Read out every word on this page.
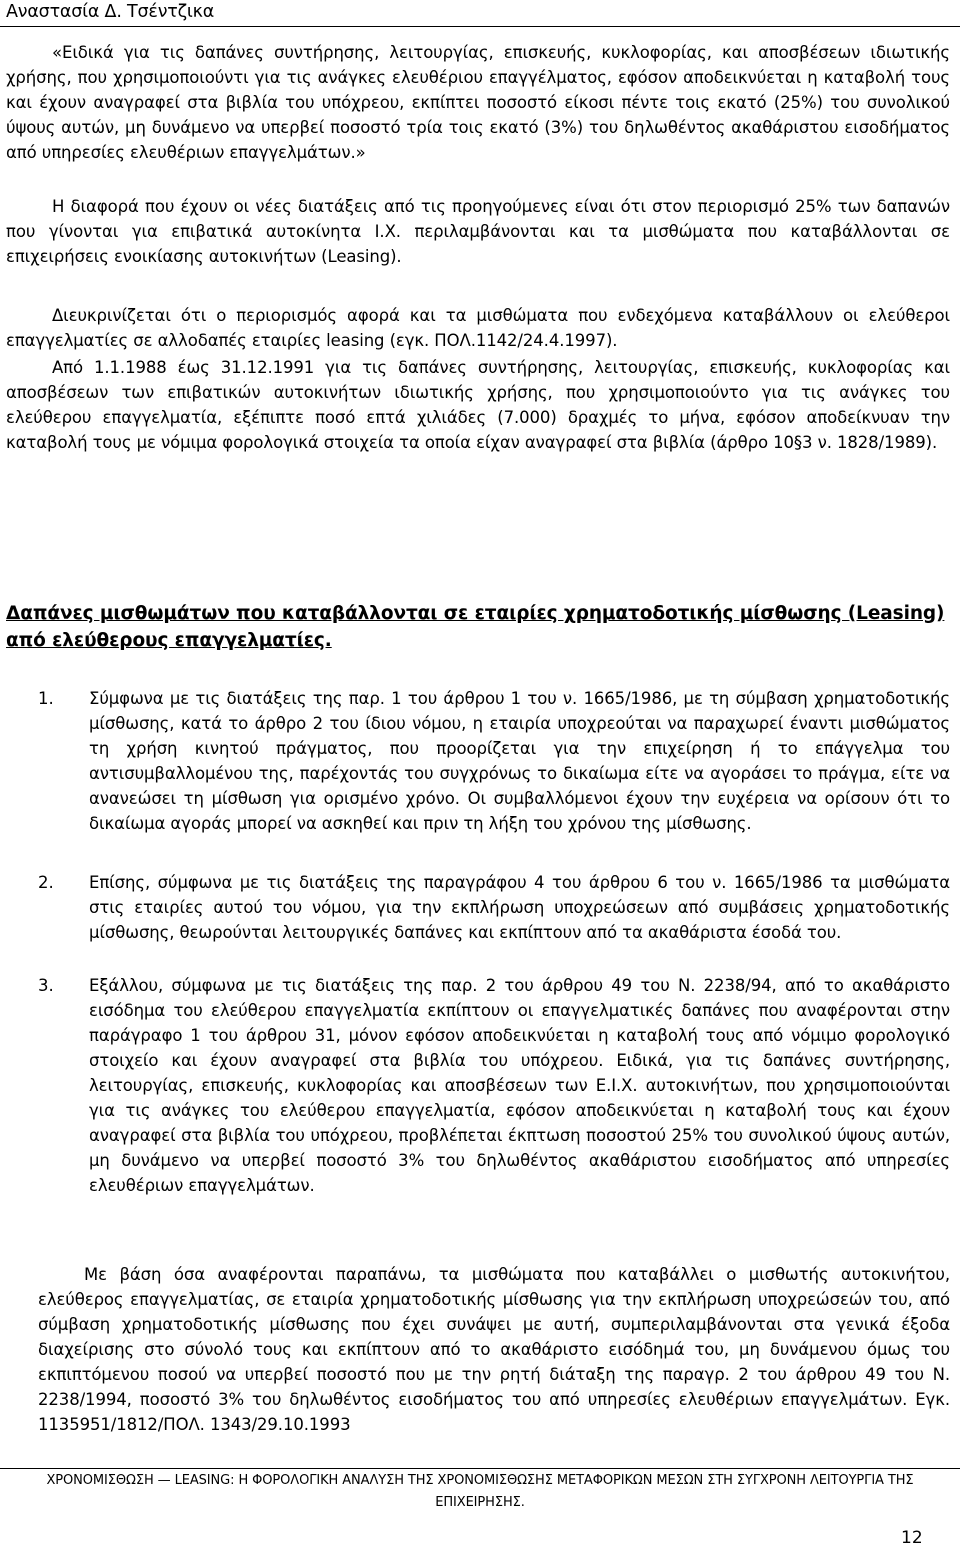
Αναστασία Δ. Τσέντζικα

«Ειδικά για τις δαπάνες συντήρησης, λειτουργίας, επισκευής, κυκλοφορίας, και αποσβέσεων ιδιωτικής χρήσης, που χρησιμοποιούντι για τις ανάγκες ελευθέριου επαγγέλματος, εφόσον αποδεικνύεται η καταβολή τους και έχουν αναγραφεί στα βιβλία του υπόχρεου, εκπίπτει ποσοστό είκοσι πέντε τοις εκατό (25%) του συνολικού ύψους αυτών, μη δυνάμενο να υπερβεί ποσοστό τρία τοις εκατό (3%) του δηλωθέντος ακαθάριστου εισοδήματος από υπηρεσίες ελευθέριων επαγγελμάτων.»

Η διαφορά που έχουν οι νέες διατάξεις από τις προηγούμενες είναι ότι στον περιορισμό 25% των δαπανών που γίνονται για επιβατικά αυτοκίνητα Ι.Χ. περιλαμβάνονται και τα μισθώματα που καταβάλλονται σε επιχειρήσεις ενοικίασης αυτοκινήτων (Leasing).

Διευκρινίζεται ότι ο περιορισμός αφορά και τα μισθώματα που ενδεχόμενα καταβάλλουν οι ελεύθεροι επαγγελματίες σε αλλοδαπές εταιρίες leasing (εγκ. ΠΟΛ.1142/24.4.1997).

Από 1.1.1988 έως 31.12.1991 για τις δαπάνες συντήρησης, λειτουργίας, επισκευής, κυκλοφορίας και αποσβέσεων των επιβατικών αυτοκινήτων ιδιωτικής χρήσης, που χρησιμοποιούντο για τις ανάγκες του ελεύθερου επαγγελματία, εξέπιπτε ποσό επτά χιλιάδες (7.000) δραχμές το μήνα, εφόσον αποδείκνυαν την καταβολή τους με νόμιμα φορολογικά στοιχεία τα οποία είχαν αναγραφεί στα βιβλία (άρθρο 10§3 ν. 1828/1989).

Δαπάνες μισθωμάτων που καταβάλλονται σε εταιρίες χρηματοδοτικής μίσθωσης (Leasing) από ελεύθερους επαγγελματίες.
1. Σύμφωνα με τις διατάξεις της παρ. 1 του άρθρου 1 του ν. 1665/1986, με τη σύμβαση χρηματοδοτικής μίσθωσης, κατά το άρθρο 2 του ίδιου νόμου, η εταιρία υποχρεούται να παραχωρεί έναντι μισθώματος τη χρήση κινητού πράγματος, που προορίζεται για την επιχείρηση ή το επάγγελμα του αντισυμβαλλομένου της, παρέχοντάς του συγχρόνως το δικαίωμα είτε να αγοράσει το πράγμα, είτε να ανανεώσει τη μίσθωση για ορισμένο χρόνο. Οι συμβαλλόμενοι έχουν την ευχέρεια να ορίσουν ότι το δικαίωμα αγοράς μπορεί να ασκηθεί και πριν τη λήξη του χρόνου της μίσθωσης.

2. Επίσης, σύμφωνα με τις διατάξεις της παραγράφου 4 του άρθρου 6 του ν. 1665/1986 τα μισθώματα στις εταιρίες αυτού του νόμου, για την εκπλήρωση υποχρεώσεων από συμβάσεις χρηματοδοτικής μίσθωσης, θεωρούνται λειτουργικές δαπάνες και εκπίπτουν από τα ακαθάριστα έσοδά του.

3. Εξάλλου, σύμφωνα με τις διατάξεις της παρ. 2 του άρθρου 49 του Ν. 2238/94, από το ακαθάριστο εισόδημα του ελεύθερου επαγγελματία εκπίπτουν οι επαγγελματικές δαπάνες που αναφέρονται στην παράγραφο 1 του άρθρου 31, μόνον εφόσον αποδεικνύεται η καταβολή τους από νόμιμο φορολογικό στοιχείο και έχουν αναγραφεί στα βιβλία του υπόχρεου. Ειδικά, για τις δαπάνες συντήρησης, λειτουργίας, επισκευής, κυκλοφορίας και αποσβέσεων των Ε.Ι.Χ. αυτοκινήτων, που χρησιμοποιούνται για τις ανάγκες του ελεύθερου επαγγελματία, εφόσον αποδεικνύεται η καταβολή τους και έχουν αναγραφεί στα βιβλία του υπόχρεου, προβλέπεται έκπτωση ποσοστού 25% του συνολικού ύψους αυτών, μη δυνάμενο να υπερβεί ποσοστό 3% του δηλωθέντος ακαθάριστου εισοδήματος από υπηρεσίες ελευθέριων επαγγελμάτων.

Με βάση όσα αναφέρονται παραπάνω, τα μισθώματα που καταβάλλει ο μισθωτής αυτοκινήτου, ελεύθερος επαγγελματίας, σε εταιρία χρηματοδοτικής μίσθωσης για την εκπλήρωση υποχρεώσεών του, από σύμβαση χρηματοδοτικής μίσθωσης που έχει συνάψει με αυτή, συμπεριλαμβάνονται στα γενικά έξοδα διαχείρισης στο σύνολό τους και εκπίπτουν από το ακαθάριστο εισόδημά του, μη δυνάμενου όμως του εκπιπτόμενου ποσού να υπερβεί ποσοστό που με την ρητή διάταξη της παραγρ. 2 του άρθρου 49 του Ν. 2238/1994, ποσοστό 3% του δηλωθέντος εισοδήματος του από υπηρεσίες ελευθέριων επαγγελμάτων. Εγκ. 1135951/1812/ΠΟΛ. 1343/29.10.1993

ΧΡΟΝΟΜΙΣΘΩΣΗ — LEASING: Η ΦΟΡΟΛΟΓΙΚΗ ΑΝΑΛΥΣΗ ΤΗΣ ΧΡΟΝΟΜΙΣΘΩΣΗΣ ΜΕΤΑΦΟΡΙΚΩΝ ΜΕΣΩΝ ΣΤΗ ΣΥΓΧΡΟΝΗ ΛΕΙΤΟΥΡΓΙΑ ΤΗΣ ΕΠΙΧΕΙΡΗΣΗΣ.

12
